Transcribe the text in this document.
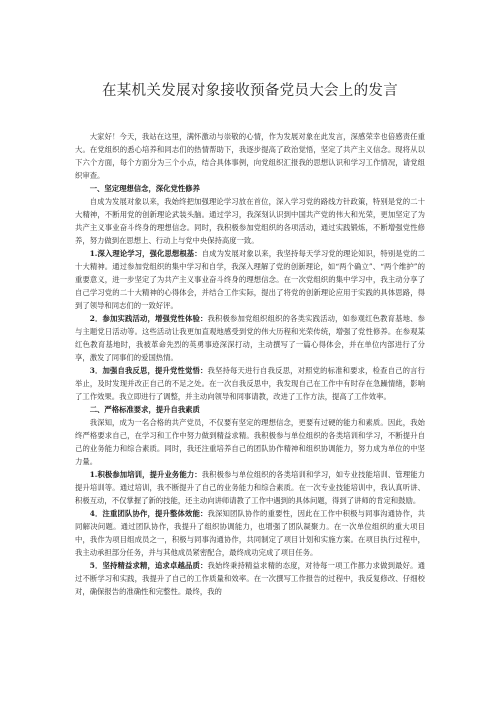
在某机关发展对象接收预备党员大会上的发言

大家好！今天，我站在这里，满怀激动与崇敬的心情，作为发展对象在此发言，深感荣幸也倍感责任重大。在党组织的悉心培养和同志们的热情帮助下，我逐步提高了政治觉悟，坚定了共产主义信念。现将从以下六个方面，每个方面分为三个小点，结合具体事例，向党组织汇报我的思想认识和学习工作情况，请党组织审查。

一、坚定理想信念，深化党性修养

自成为发展对象以来，我始终把加强理论学习放在首位，深入学习党的路线方针政策，特别是党的二十大精神，不断用党的创新理论武装头脑。通过学习，我深刻认识到中国共产党的伟大和光荣，更加坚定了为共产主义事业奋斗终身的理想信念。同时，我积极参加党组织的各项活动，通过实践锻炼，不断增强党性修养，努力做到在思想上、行动上与党中央保持高度一致。

1.深入理论学习，强化思想根基：自成为发展对象以来，我坚持每天学习党的理论知识，特别是党的二十大精神。通过参加党组织的集中学习和自学，我深入理解了党的创新理论，如“两个确立”、“两个维护”的重要意义，进一步坚定了为共产主义事业奋斗终身的理想信念。在一次党组织的集中学习中，我主动分享了自己学习党的二十大精神的心得体会，并结合工作实际，提出了将党的创新理论应用于实践的具体思路，得到了领导和同志们的一致好评。

2．参加实践活动，增强党性体验：我积极参加党组织组织的各类实践活动，如参观红色教育基地、参与主题党日活动等。这些活动让我更加直观地感受到党的伟大历程和光荣传统，增强了党性修养。在参观某红色教育基地时，我被革命先烈的英勇事迹深深打动，主动撰写了一篇心得体会，并在单位内部进行了分享，激发了同事们的爱国热情。

3．加强自我反思，提升党性觉悟：我坚持每天进行自我反思，对照党的标准和要求，检查自己的言行举止，及时发现并改正自己的不足之处。在一次自我反思中，我发现自己在工作中有时存在急躁情绪，影响了工作效果。我立即进行了调整，并主动向领导和同事请教，改进了工作方法，提高了工作效率。

二、严格标准要求，提升自我素质

我深知，成为一名合格的共产党员，不仅要有坚定的理想信念，更要有过硬的能力和素质。因此，我始终严格要求自己，在学习和工作中努力做到精益求精。我积极参与单位组织的各类培训和学习，不断提升自己的业务能力和综合素质。同时，我还注重培养自己的团队协作精神和组织协调能力，努力成为单位的中坚力量。

1.积极参加培训，提升业务能力：我积极参与单位组织的各类培训和学习，如专业技能培训、管理能力提升培训等。通过培训，我不断提升了自己的业务能力和综合素质。在一次专业技能培训中，我认真听讲、积极互动，不仅掌握了新的技能，还主动向讲师请教了工作中遇到的具体问题，得到了讲师的肯定和鼓励。

4．注重团队协作，提升整体效能：我深知团队协作的重要性，因此在工作中积极与同事沟通协作，共同解决问题。通过团队协作，我提升了组织协调能力，也增强了团队凝聚力。在一次单位组织的重大项目中，我作为项目组成员之一，积极与同事沟通协作，共同制定了项目计划和实施方案。在项目执行过程中，我主动承担部分任务，并与其他成员紧密配合，最终成功完成了项目任务。

5．坚持精益求精，追求卓越品质：我始终秉持精益求精的态度，对待每一项工作都力求做到最好。通过不断学习和实践，我提升了自己的工作质量和效率。在一次撰写工作报告的过程中，我反复修改、仔细校对，确保报告的准确性和完整性。最终，我的
